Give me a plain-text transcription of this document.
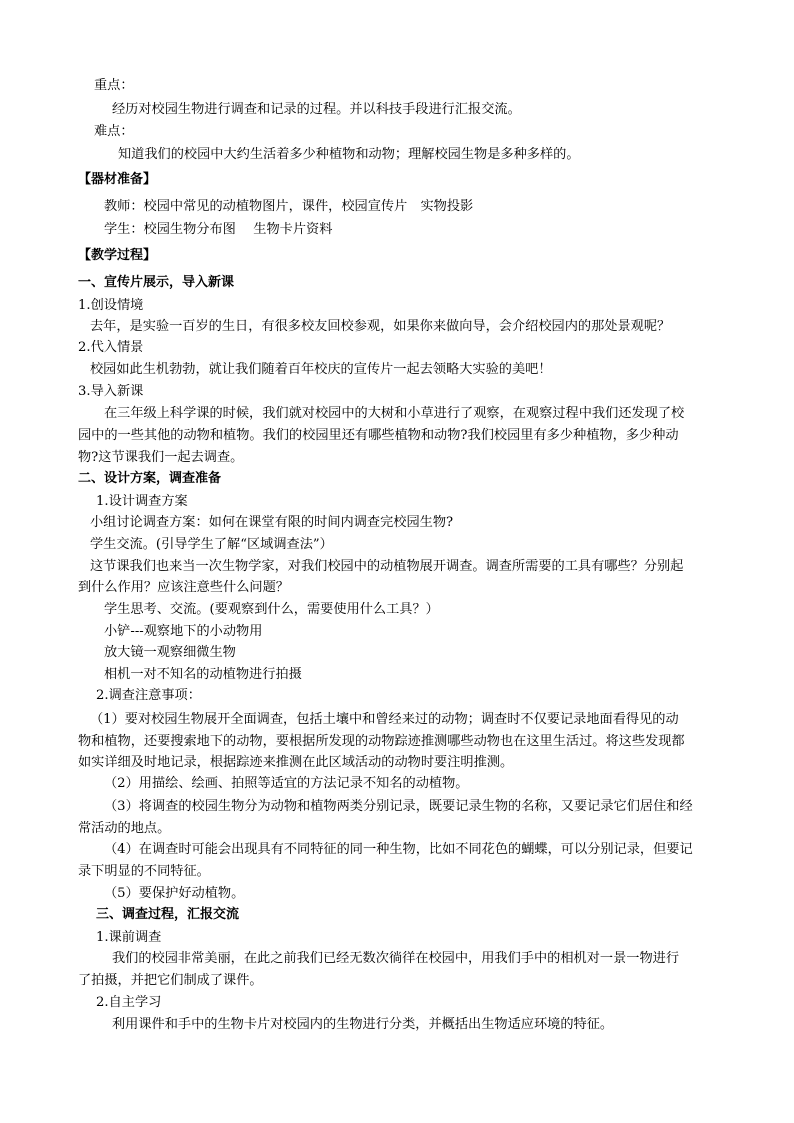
重点：
经历对校园生物进行调查和记录的过程。并以科技手段进行汇报交流。
难点：
知道我们的校园中大约生活着多少种植物和动物；理解校园生物是多种多样的。
【器材准备】
教师：校园中常见的动植物图片，课件，校园宣传片　实物投影
学生：校园生物分布图　 生物卡片资料
【教学过程】
一、宣传片展示，导入新课
1.创设情境
去年，是实验一百岁的生日，有很多校友回校参观，如果你来做向导，会介绍校园内的那处景观呢？
2.代入情景
校园如此生机勃勃，就让我们随着百年校庆的宣传片一起去领略大实验的美吧！
3.导入新课
在三年级上科学课的时候，我们就对校园中的大树和小草进行了观察，在观察过程中我们还发现了校
园中的一些其他的动物和植物。我们的校园里还有哪些植物和动物?我们校园里有多少种植物，多少种动
物?这节课我们一起去调查。
二、设计方案，调查准备
1.设计调查方案
小组讨论调查方案：如何在课堂有限的时间内调查完校园生物?
学生交流。(引导学生了解“区域调查法”）
这节课我们也来当一次生物学家，对我们校园中的动植物展开调查。调查所需要的工具有哪些？分别起
到什么作用？应该注意些什么问题？
学生思考、交流。(要观察到什么，需要使用什么工具？）
小铲---观察地下的小动物用
放大镜一观察细微生物
相机一对不知名的动植物进行拍摄
2.调查注意事项：
（1）要对校园生物展开全面调查，包括土壤中和曾经来过的动物；调查时不仅要记录地面看得见的动
物和植物，还要搜索地下的动物，要根据所发现的动物踪迹推测哪些动物也在这里生活过。将这些发现都
如实详细及时地记录，根据踪迹来推测在此区域活动的动物时要注明推测。
（2）用描绘、绘画、拍照等适宜的方法记录不知名的动植物。
（3）将调查的校园生物分为动物和植物两类分别记录，既要记录生物的名称，又要记录它们居住和经
常活动的地点。
（4）在调查时可能会出现具有不同特征的同一种生物，比如不同花色的蝴蝶，可以分别记录，但要记
录下明显的不同特征。
（5）要保护好动植物。
三、调查过程，汇报交流
1.课前调查
我们的校园非常美丽，在此之前我们已经无数次徜徉在校园中，用我们手中的相机对一景一物进行
了拍摄，并把它们制成了课件。
2.自主学习
利用课件和手中的生物卡片对校园内的生物进行分类，并概括出生物适应环境的特征。
